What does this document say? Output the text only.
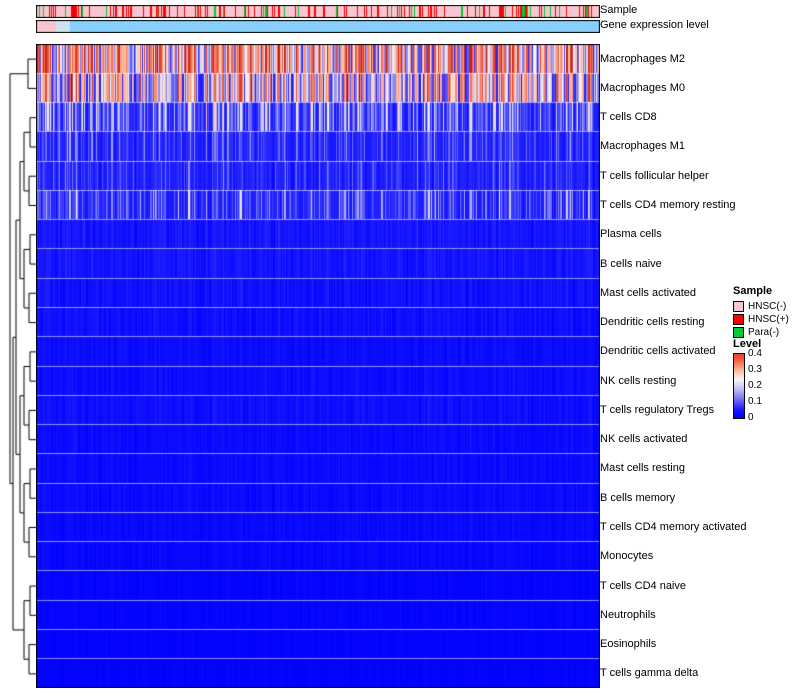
Sample
Gene expression level
Macrophages M2
Macrophages M0
T cells CD8
Macrophages M1
T cells follicular helper
T cells CD4 memory resting
Plasma cells
B cells naive
Mast cells activated
Dendritic cells resting
Dendritic cells activated
NK cells resting
T cells regulatory Tregs
NK cells activated
Mast cells resting
B cells memory
T cells CD4 memory activated
Monocytes
T cells CD4 naive
Neutrophils
Eosinophils
T cells gamma delta
Sample
HNSC(-)
HNSC(+)
Para(-)
Level
0.4
0.3
0.2
0.1
0
